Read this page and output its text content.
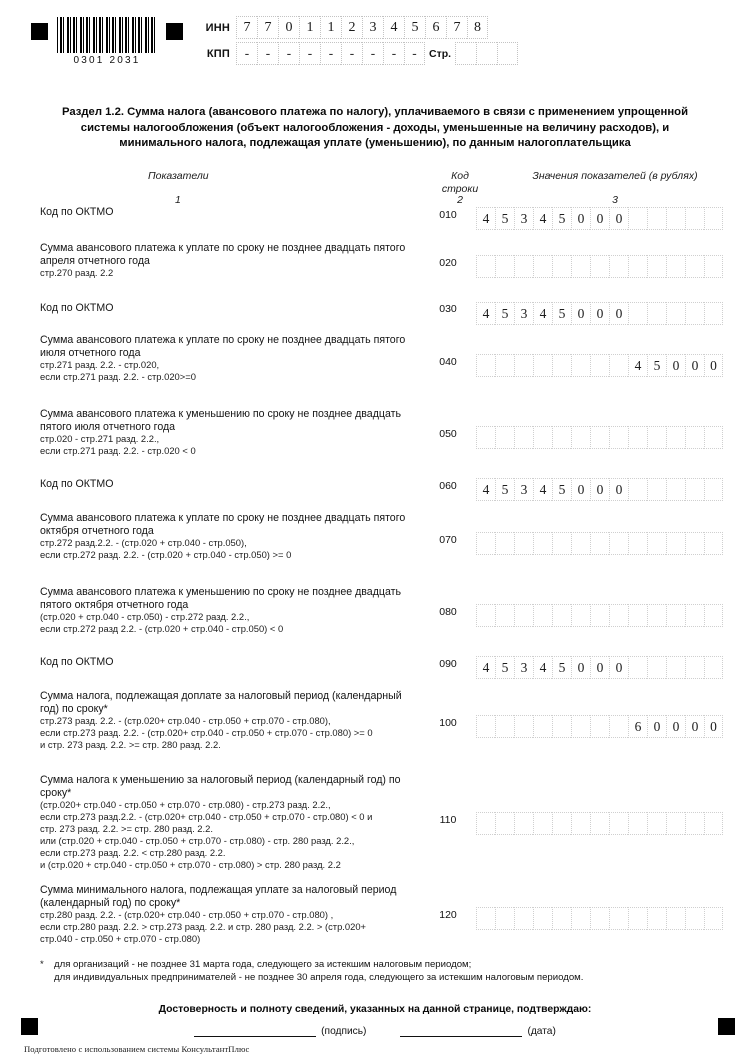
0301 2031
ИНН 7	7	0	1	1	2	3	4	5	6	7 8
КПП	-	-	-	-	-	-	-	-	-	Стр.
Раздел 1.2. Сумма налога (авансового платежа по налогу), уплачиваемого в связи с применением упрощенной
системы налогообложения (объект налогообложения - доходы, уменьшенные на величину расходов), и
минимального налога, подлежащая уплате (уменьшению), по данным налогоплательщика
Показатели	Код
строки
Значения показателей (в рублях)
1	2	3
Код по ОКТМО	010	4 5 3 4 5 0 0 0
Сумма авансового платежа к уплате по сроку не позднее двадцать пятого апреля отчетного года
стр.270 разд. 2.2
020
Код по ОКТМО	030	4 5 3 4 5 0 0 0
Сумма авансового платежа к уплате по сроку не позднее двадцать пятого июля отчетного года
стр.271 разд. 2.2. - стр.020,
если стр.271 разд. 2.2. - стр.020>=0
040	4 5 0 0 0
Сумма авансового платежа к уменьшению по сроку не позднее двадцать пятого июля отчетного года
стр.020 - стр.271 разд. 2.2.,
если стр.271 разд. 2.2. - стр.020 < 0
050
Код по ОКТМО	060	4 5 3 4 5 0 0 0
Сумма авансового платежа к уплате по сроку не позднее двадцать пятого октября отчетного года
стр.272 разд.2.2. - (стр.020 + стр.040 - стр.050),
если стр.272 разд. 2.2. - (стр.020 + стр.040 - стр.050) >= 0
070
Сумма авансового платежа к уменьшению по сроку не позднее двадцать пятого октября отчетного года
(стр.020 + стр.040 - стр.050) - стр.272 разд. 2.2.,
если стр.272 разд 2.2. - (стр.020 + стр.040 - стр.050) < 0
080
Код по ОКТМО	090	4 5 3 4 5 0 0 0
Сумма налога, подлежащая доплате за налоговый период (календарный год) по сроку*
стр.273 разд. 2.2. - (стр.020+ стр.040 - стр.050 + стр.070 - стр.080),
если стр.273 разд. 2.2. - (стр.020+ стр.040 - стр.050 + стр.070 - стр.080) >= 0
и стр. 273 разд. 2.2. >= стр. 280 разд. 2.2.
100	6 0 0 0 0
Сумма налога к уменьшению за налоговый период (календарный год) по сроку*
(стр.020+ стр.040 - стр.050 + стр.070 - стр.080) - стр.273 разд. 2.2.,
если стр.273 разд.2.2. - (стр.020+ стр.040 - стр.050 + стр.070 - стр.080) < 0 и
стр. 273 разд. 2.2. >= стр. 280 разд. 2.2.
или (стр.020 + стр.040 - стр.050 + стр.070 - стр.080) - стр. 280 разд. 2.2.,
если стр.273 разд. 2.2. < стр.280 разд. 2.2.
и (стр.020 + стр.040 - стр.050 + стр.070 - стр.080) > стр. 280 разд. 2.2
110
Сумма минимального налога, подлежащая уплате за налоговый период (календарный год) по сроку*
стр.280 разд. 2.2. - (стр.020+ стр.040 - стр.050 + стр.070 - стр.080) ,
если стр.280 разд. 2.2. > стр.273 разд. 2.2. и стр. 280 разд. 2.2. > (стр.020+
стр.040 - стр.050 + стр.070 - стр.080)
120
* для организаций - не позднее 31 марта года, следующего за истекшим налоговым периодом;
для индивидуальных предпринимателей - не позднее 30 апреля года, следующего за истекшим налоговым периодом.
Достоверность и полноту сведений, указанных на данной странице, подтверждаю:
(подпись)	(дата)
Подготовлено с использованием системы КонсультантПлюс
